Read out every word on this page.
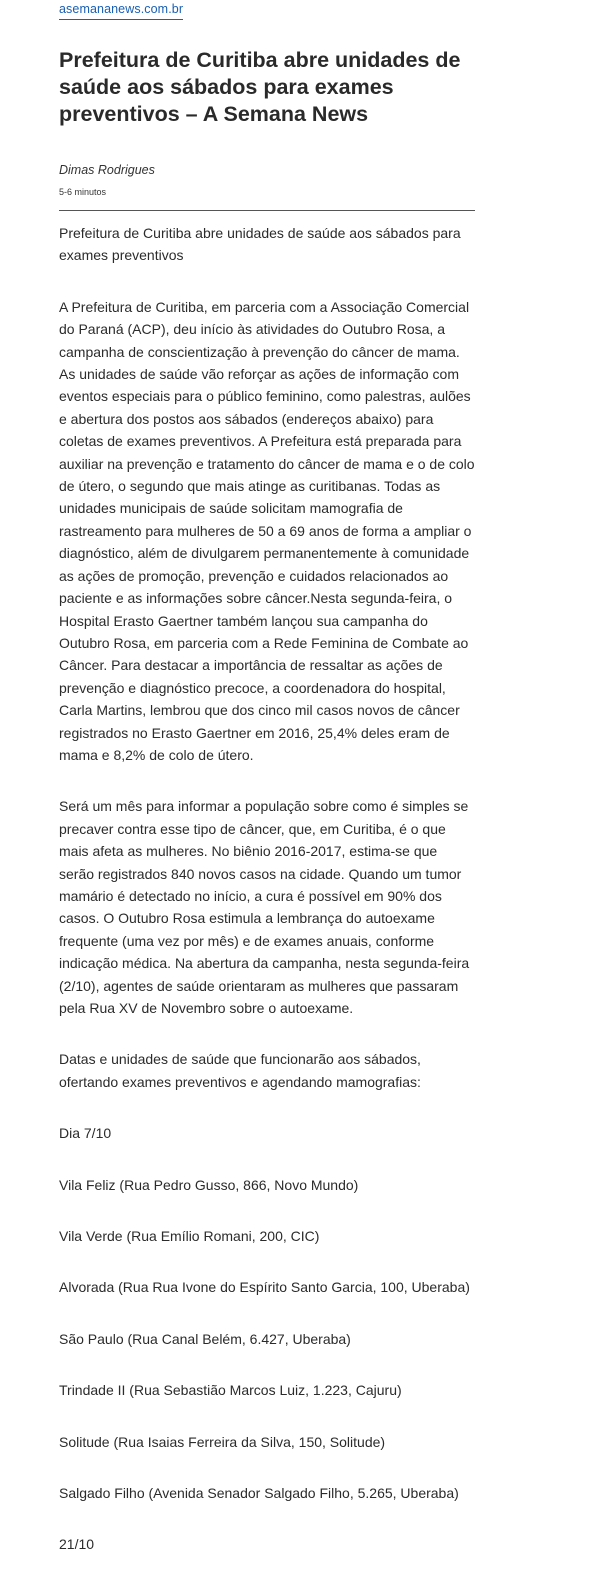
asemananews.com.br
Prefeitura de Curitiba abre unidades de saúde aos sábados para exames preventivos – A Semana News
Dimas Rodrigues
5-6 minutos

Prefeitura de Curitiba abre unidades de saúde aos sábados para exames preventivos

A Prefeitura de Curitiba, em parceria com a Associação Comercial do Paraná (ACP), deu início às atividades do Outubro Rosa, a campanha de conscientização à prevenção do câncer de mama. As unidades de saúde vão reforçar as ações de informação com eventos especiais para o público feminino, como palestras, aulões e abertura dos postos aos sábados (endereços abaixo) para coletas de exames preventivos. A Prefeitura está preparada para auxiliar na prevenção e tratamento do câncer de mama e o de colo de útero, o segundo que mais atinge as curitibanas. Todas as unidades municipais de saúde solicitam mamografia de rastreamento para mulheres de 50 a 69 anos de forma a ampliar o diagnóstico, além de divulgarem permanentemente à comunidade as ações de promoção, prevenção e cuidados relacionados ao paciente e as informações sobre câncer.Nesta segunda-feira, o Hospital Erasto Gaertner também lançou sua campanha do Outubro Rosa, em parceria com a Rede Feminina de Combate ao Câncer. Para destacar a importância de ressaltar as ações de prevenção e diagnóstico precoce, a coordenadora do hospital, Carla Martins, lembrou que dos cinco mil casos novos de câncer registrados no Erasto Gaertner em 2016, 25,4% deles eram de mama e 8,2% de colo de útero.

Será um mês para informar a população sobre como é simples se precaver contra esse tipo de câncer, que, em Curitiba, é o que mais afeta as mulheres. No biênio 2016-2017, estima-se que serão registrados 840 novos casos na cidade. Quando um tumor mamário é detectado no início, a cura é possível em 90% dos casos. O Outubro Rosa estimula a lembrança do autoexame frequente (uma vez por mês) e de exames anuais, conforme indicação médica. Na abertura da campanha, nesta segunda-feira (2/10), agentes de saúde orientaram as mulheres que passaram pela Rua XV de Novembro sobre o autoexame.

Datas e unidades de saúde que funcionarão aos sábados, ofertando exames preventivos e agendando mamografias:

Dia 7/10

Vila Feliz (Rua Pedro Gusso, 866, Novo Mundo)

Vila Verde (Rua Emílio Romani, 200, CIC)

Alvorada (Rua Rua Ivone do Espírito Santo Garcia, 100, Uberaba)

São Paulo (Rua Canal Belém, 6.427, Uberaba)

Trindade II (Rua Sebastião Marcos Luiz, 1.223, Cajuru)

Solitude (Rua Isaias Ferreira da Silva, 150, Solitude)

Salgado Filho (Avenida Senador Salgado Filho, 5.265, Uberaba)

21/10
